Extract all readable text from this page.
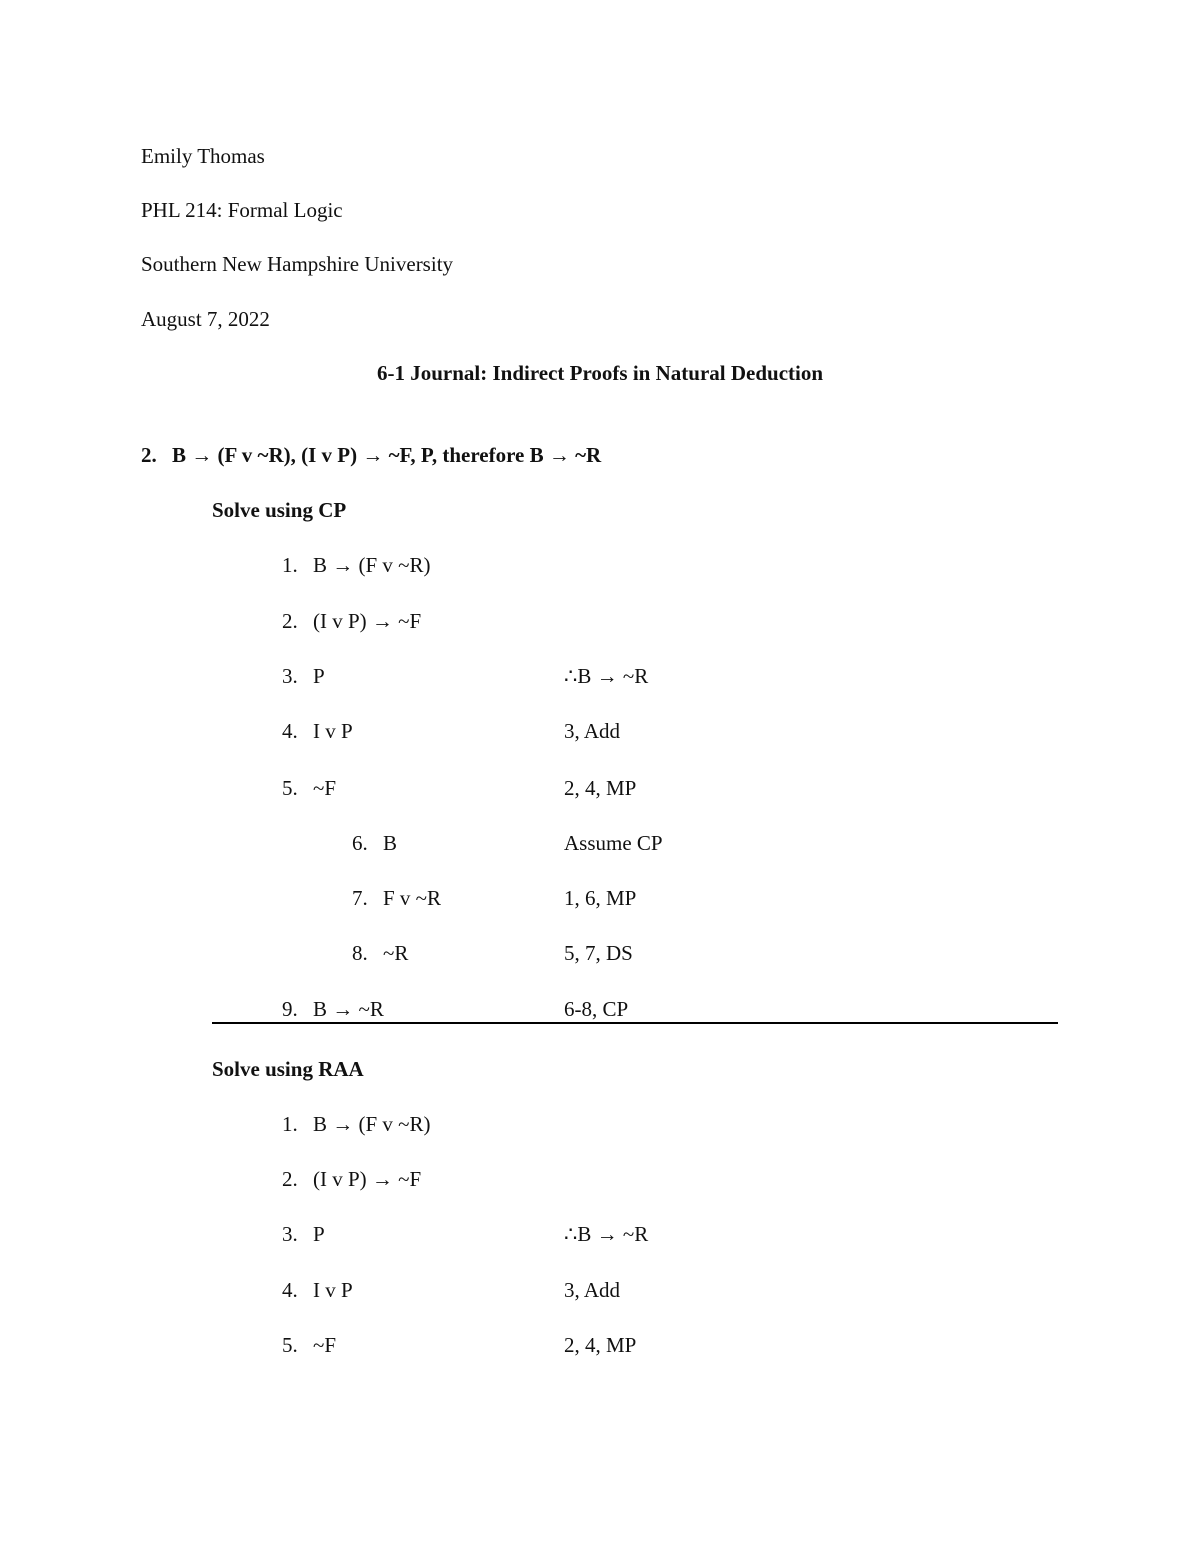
Emily Thomas
PHL 214: Formal Logic
Southern New Hampshire University
August 7, 2022
6-1 Journal: Indirect Proofs in Natural Deduction
2. B → (F v ~R), (I v P) → ~F, P, therefore B → ~R
Solve using CP
1. B → (F v ~R)
2. (I v P) → ~F
3. P	∴B → ~R
4. I v P	3, Add
5. ~F	2, 4, MP
6. B	Assume CP
7. F v ~R	1, 6, MP
8. ~R	5, 7, DS
9. B → ~R	6-8, CP
Solve using RAA
1. B → (F v ~R)
2. (I v P) → ~F
3. P	∴B → ~R
4. I v P	3, Add
5. ~F	2, 4, MP
